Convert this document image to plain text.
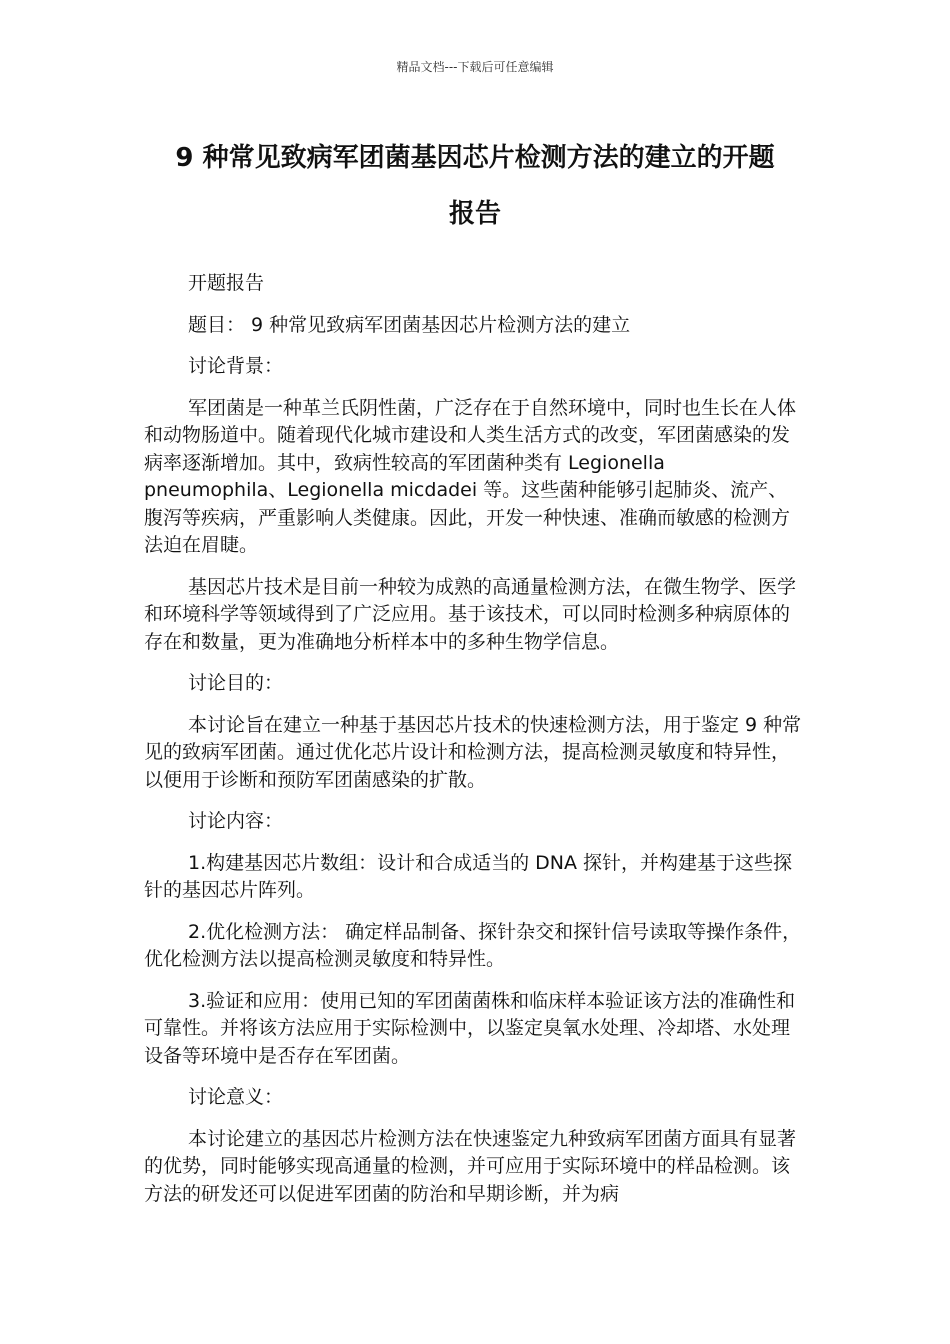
精品文档---下载后可任意编辑
9 种常见致病军团菌基因芯片检测方法的建立的开题
报告

开题报告

题目： 9 种常见致病军团菌基因芯片检测方法的建立

讨论背景：

军团菌是一种革兰氏阴性菌，广泛存在于自然环境中，同时也生长在人体和动物肠道中。随着现代化城市建设和人类生活方式的改变，军团菌感染的发病率逐渐增加。其中，致病性较高的军团菌种类有 Legionella pneumophila、Legionella micdadei 等。这些菌种能够引起肺炎、流产、腹泻等疾病，严重影响人类健康。因此，开发一种快速、准确而敏感的检测方法迫在眉睫。

基因芯片技术是目前一种较为成熟的高通量检测方法，在微生物学、医学和环境科学等领域得到了广泛应用。基于该技术，可以同时检测多种病原体的存在和数量，更为准确地分析样本中的多种生物学信息。

讨论目的：

本讨论旨在建立一种基于基因芯片技术的快速检测方法，用于鉴定 9 种常见的致病军团菌。通过优化芯片设计和检测方法，提高检测灵敏度和特异性，以便用于诊断和预防军团菌感染的扩散。

讨论内容：

1.构建基因芯片数组：设计和合成适当的 DNA 探针，并构建基于这些探针的基因芯片阵列。

2.优化检测方法： 确定样品制备、探针杂交和探针信号读取等操作条件，优化检测方法以提高检测灵敏度和特异性。

3.验证和应用：使用已知的军团菌菌株和临床样本验证该方法的准确性和可靠性。并将该方法应用于实际检测中，以鉴定臭氧水处理、冷却塔、水处理设备等环境中是否存在军团菌。

讨论意义：

本讨论建立的基因芯片检测方法在快速鉴定九种致病军团菌方面具有显著的优势，同时能够实现高通量的检测，并可应用于实际环境中的样品检测。该方法的研发还可以促进军团菌的防治和早期诊断，并为病
